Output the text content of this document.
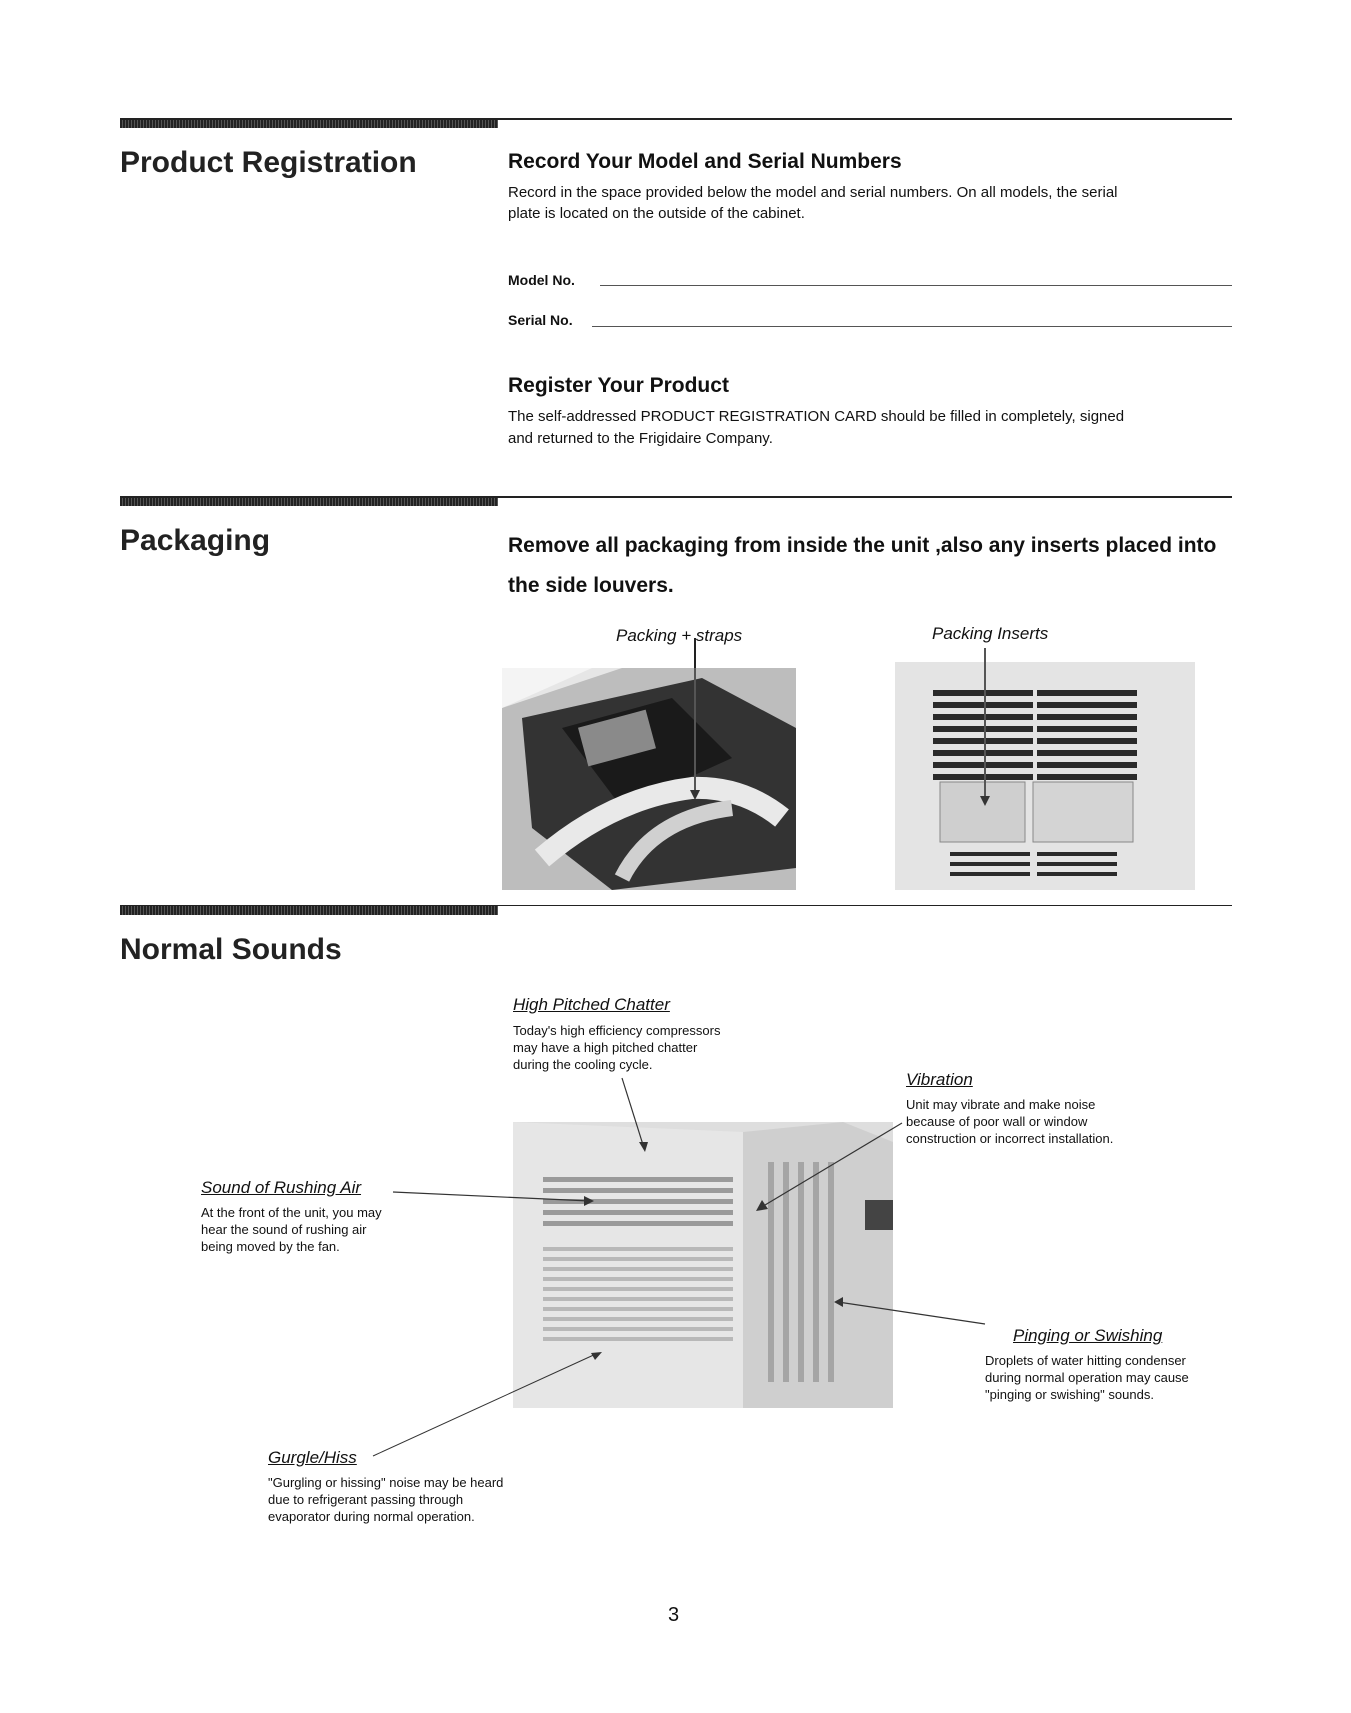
Product Registration	Record Your Model and Serial Numbers
Record in the space provided below the model and serial numbers. On all models, the serial
plate is located on the outside of the cabinet.
Model No.
Serial No.
Register Your Product
The self-addressed PRODUCT REGISTRATION CARD should be filled in completely, signed
and returned to the Frigidaire Company.
Packaging	Remove all packaging from inside the unit ,also any inserts placed into
the side louvers.
Packing + straps	Packing Inserts
Normal Sounds
High Pitched Chatter
Today's high efficiency compressors
may have a high pitched chatter
during the cooling cycle.
Vibration
Unit may vibrate and make noise
because of poor wall or window
construction or incorrect installation.
Sound of Rushing Air
At the front of the unit, you may
hear the sound of rushing air
being moved by the fan.
Pinging or Swishing
Droplets of water hitting condenser
during normal operation may cause
"pinging or swishing" sounds.
Gurgle/Hiss
"Gurgling or hissing" noise may be heard
due to refrigerant passing through
evaporator during normal operation.
3
